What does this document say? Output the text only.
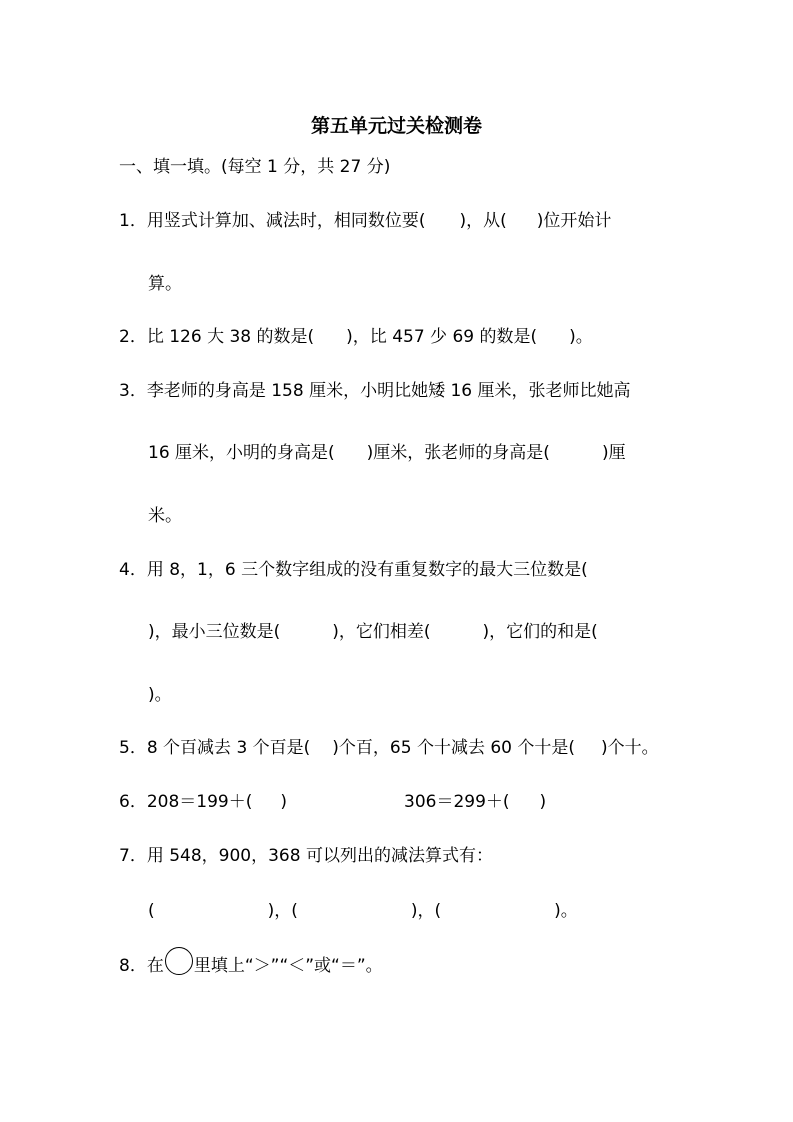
第五单元过关检测卷
一、填一填。(每空 1 分，共 27 分)
1．用竖式计算加、减法时，相同数位要( )，从( )位开始计
算。
2．比 126 大 38 的数是( )，比 457 少 69 的数是( )。
3．李老师的身高是 158 厘米，小明比她矮 16 厘米，张老师比她高
16 厘米，小明的身高是( )厘米，张老师的身高是(	)厘
米。
4．用 8，1，6 三个数字组成的没有重复数字的最大三位数是(
)，最小三位数是(	)，它们相差(	)，它们的和是(
)。
5．8 个百减去 3 个百是( )个百，65 个十减去 60 个十是( )个十。
6．208＝199＋( )	306＝299＋( )
7．用 548，900，368 可以列出的减法算式有：
(	)，(	)，(	)。
8．在 里填上“＞”“＜”或“＝”。
